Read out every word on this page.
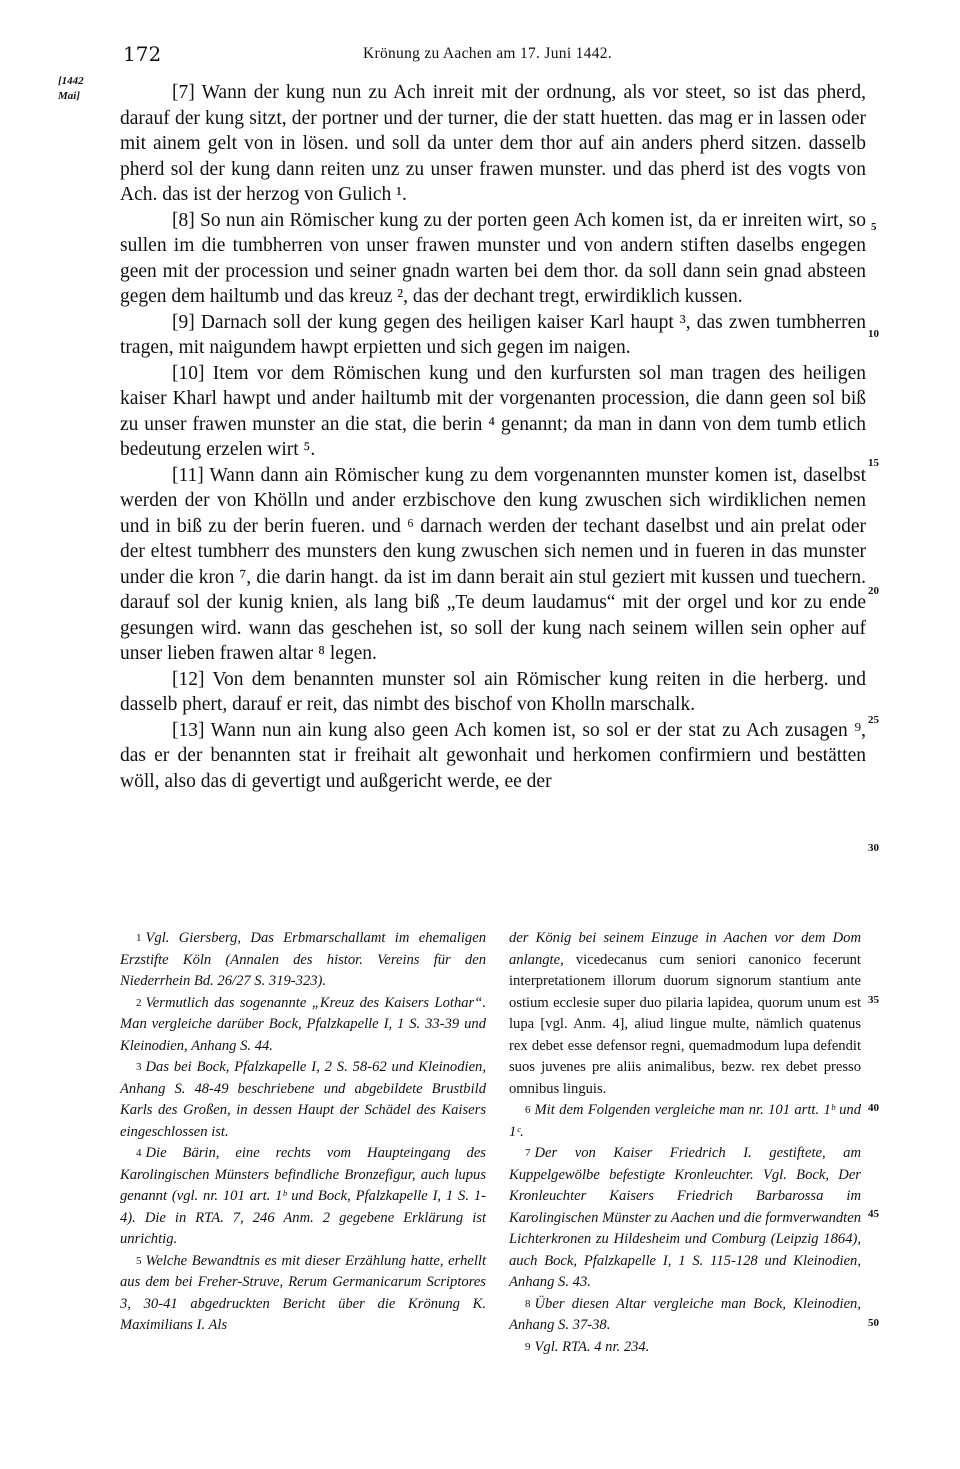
172	Krönung zu Aachen am 17. Juni 1442.
[1442
Mai]	[7] Wann der kung nun zu Ach inreit mit der ordnung, als vor steet, so ist das pherd, darauf der kung sitzt, der portner und der turner, die der statt huetten. das mag er in lassen oder mit ainem gelt von in lösen. und soll da unter dem thor auf ain anders pherd sitzen. dasselb pherd sol der kung dann reiten unz zu unser frawen munster. und das pherd ist des vogts von Ach. das ist der herzog von Gulich ¹.

[8] So nun ain Römischer kung zu der porten geen Ach komen ist, da er inreiten wirt, so sullen im die tumbherren von unser frawen munster und von andern stiften daselbs engegen geen mit der procession und seiner gnadn warten bei dem thor. da soll dann sein gnad absteen gegen dem hailtumb und das kreuz ², das der dechant tregt, erwirdiklich kussen.

[9] Darnach soll der kung gegen des heiligen kaiser Karl haupt ³, das zwen tumbherren tragen, mit naigundem hawpt erpietten und sich gegen im naigen.

[10] Item vor dem Römischen kung und den kurfursten sol man tragen des heiligen kaiser Kharl hawpt und ander hailtumb mit der vorgenanten procession, die dann geen sol biß zu unser frawen munster an die stat, die berin ⁴ genannt; da man in dann von dem tumb etlich bedeutung erzelen wirt ⁵.

[11] Wann dann ain Römischer kung zu dem vorgenannten munster komen ist, daselbst werden der von Khölln und ander erzbischove den kung zwuschen sich wirdiklichen nemen und in biß zu der berin fueren. und ⁶ darnach werden der techant daselbst und ain prelat oder der eltest tumbherr des munsters den kung zwuschen sich nemen und in fueren in das munster under die kron ⁷, die darin hangt. da ist im dann berait ain stul geziert mit kussen und tuechern. darauf sol der kunig knien, als lang biß „Te deum laudamus“ mit der orgel und kor zu ende gesungen wird. wann das geschehen ist, so soll der kung nach seinem willen sein opher auf unser lieben frawen altar ⁸ legen.

[12] Von dem benannten munster sol ain Römischer kung reiten in die herberg. und dasselb phert, darauf er reit, das nimbt des bischof von Kholln marschalk.

[13] Wann nun ain kung also geen Ach komen ist, so sol er der stat zu Ach zusagen ⁹, das er der benannten stat ir freihait alt gewonhait und herkomen confirmiern und bestätten wöll, also das di gevertigt und außgericht werde, ee der

5
10
15
20
25
30
35
40
45
50

$^1$ Vgl. Giersberg, Das Erbmarschallamt im ehemaligen Erzstifte Köln (Annalen des histor. Vereins für den Niederrhein Bd. 26/27 S. 319-323).

$^2$ Vermutlich das sogenannte „Kreuz des Kaisers Lothar“. Man vergleiche darüber Bock, Pfalzkapelle I, 1 S. 33-39 und Kleinodien, Anhang S. 44.

$^3$ Das bei Bock, Pfalzkapelle I, 2 S. 58-62 und Kleinodien, Anhang S. 48-49 beschriebene und abgebildete Brustbild Karls des Großen, in dessen Haupt der Schädel des Kaisers eingeschlossen ist.

$^4$ Die Bärin, eine rechts vom Haupteingang des Karolingischen Münsters befindliche Bronzefigur, auch lupus genannt (vgl. nr. 101 art. 1ᵇ und Bock, Pfalzkapelle I, 1 S. 1-4). Die in RTA. 7, 246 Anm. 2 gegebene Erklärung ist unrichtig.

$^5$ Welche Bewandtnis es mit dieser Erzählung hatte, erhellt aus dem bei Freher-Struve, Rerum Germanicarum Scriptores 3, 30-41 abgedruckten Bericht über die Krönung K. Maximilians I. Als

der König bei seinem Einzuge in Aachen vor dem Dom anlangte, vicedecanus cum seniori canonico fecerunt interpretationem illorum duorum signorum stantium ante ostium ecclesie super duo pilaria lapidea, quorum unum est lupa [vgl. Anm. 4], aliud lingue multe, nämlich quatenus rex debet esse defensor regni, quemadmodum lupa defendit suos juvenes pre aliis animalibus, bezw. rex debet presso omnibus linguis.

$^6$ Mit dem Folgenden vergleiche man nr. 101 artt. 1ᵇ und 1ᶜ.

$^7$ Der von Kaiser Friedrich I. gestiftete, am Kuppelgewölbe befestigte Kronleuchter. Vgl. Bock, Der Kronleuchter Kaisers Friedrich Barbarossa im Karolingischen Münster zu Aachen und die formverwandten Lichterkronen zu Hildesheim und Comburg (Leipzig 1864), auch Bock, Pfalzkapelle I, 1 S. 115-128 und Kleinodien, Anhang S. 43.

$^8$ Über diesen Altar vergleiche man Bock, Kleinodien, Anhang S. 37-38.

$^9$ Vgl. RTA. 4 nr. 234.
